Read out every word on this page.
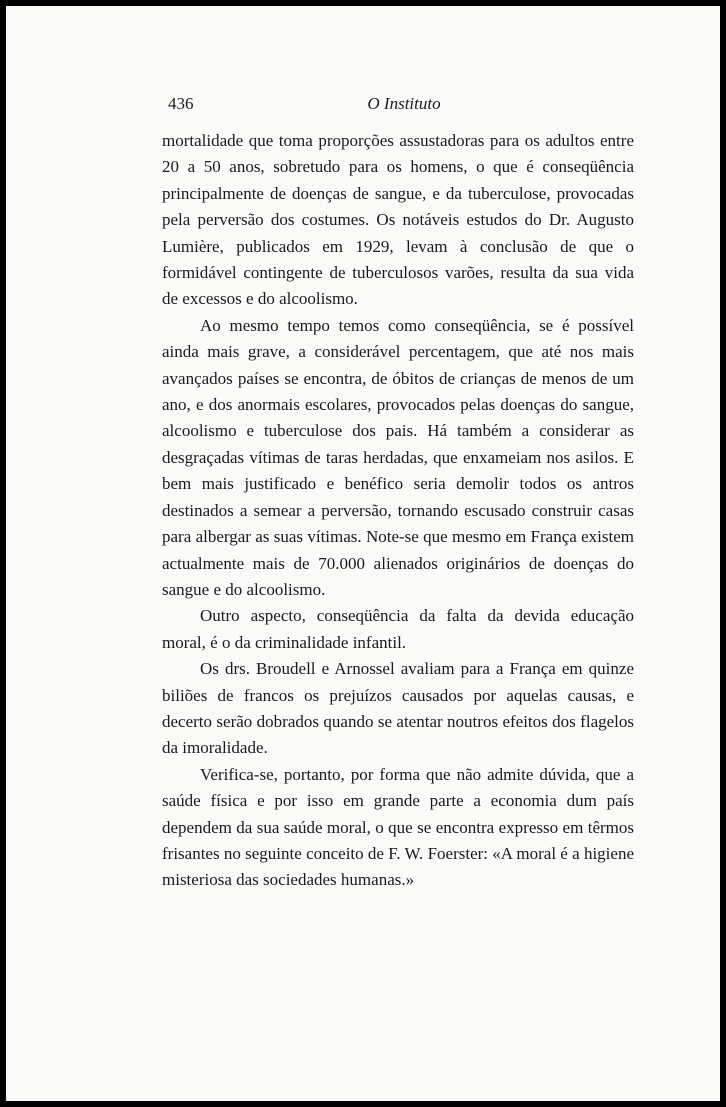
436	O Instituto

mortalidade que toma proporções assustadoras para os adultos entre 20 a 50 anos, sobretudo para os homens, o que é conseqüência principalmente de doenças de sangue, e da tuberculose, provocadas pela perversão dos costumes. Os notáveis estudos do Dr. Augusto Lumière, publicados em 1929, levam à conclusão de que o formidável contingente de tuberculosos varões, resulta da sua vida de excessos e do alcoolismo.

Ao mesmo tempo temos como conseqüência, se é possível ainda mais grave, a considerável percentagem, que até nos mais avançados países se encontra, de óbitos de crianças de menos de um ano, e dos anormais escolares, provocados pelas doenças do sangue, alcoolismo e tuberculose dos pais. Há também a considerar as desgraçadas vítimas de taras herdadas, que enxameiam nos asilos. E bem mais justificado e benéfico seria demolir todos os antros destinados a semear a perversão, tornando escusado construir casas para albergar as suas vítimas. Note-se que mesmo em França existem actualmente mais de 70.000 alienados originários de doenças do sangue e do alcoolismo.

Outro aspecto, conseqüência da falta da devida educação moral, é o da criminalidade infantil.

Os drs. Broudell e Arnossel avaliam para a França em quinze biliões de francos os prejuízos causados por aquelas causas, e decerto serão dobrados quando se atentar noutros efeitos dos flagelos da imoralidade.

Verifica-se, portanto, por forma que não admite dúvida, que a saúde física e por isso em grande parte a economia dum país dependem da sua saúde moral, o que se encontra expresso em têrmos frisantes no seguinte conceito de F. W. Foerster: «A moral é a higiene misteriosa das sociedades humanas.»
